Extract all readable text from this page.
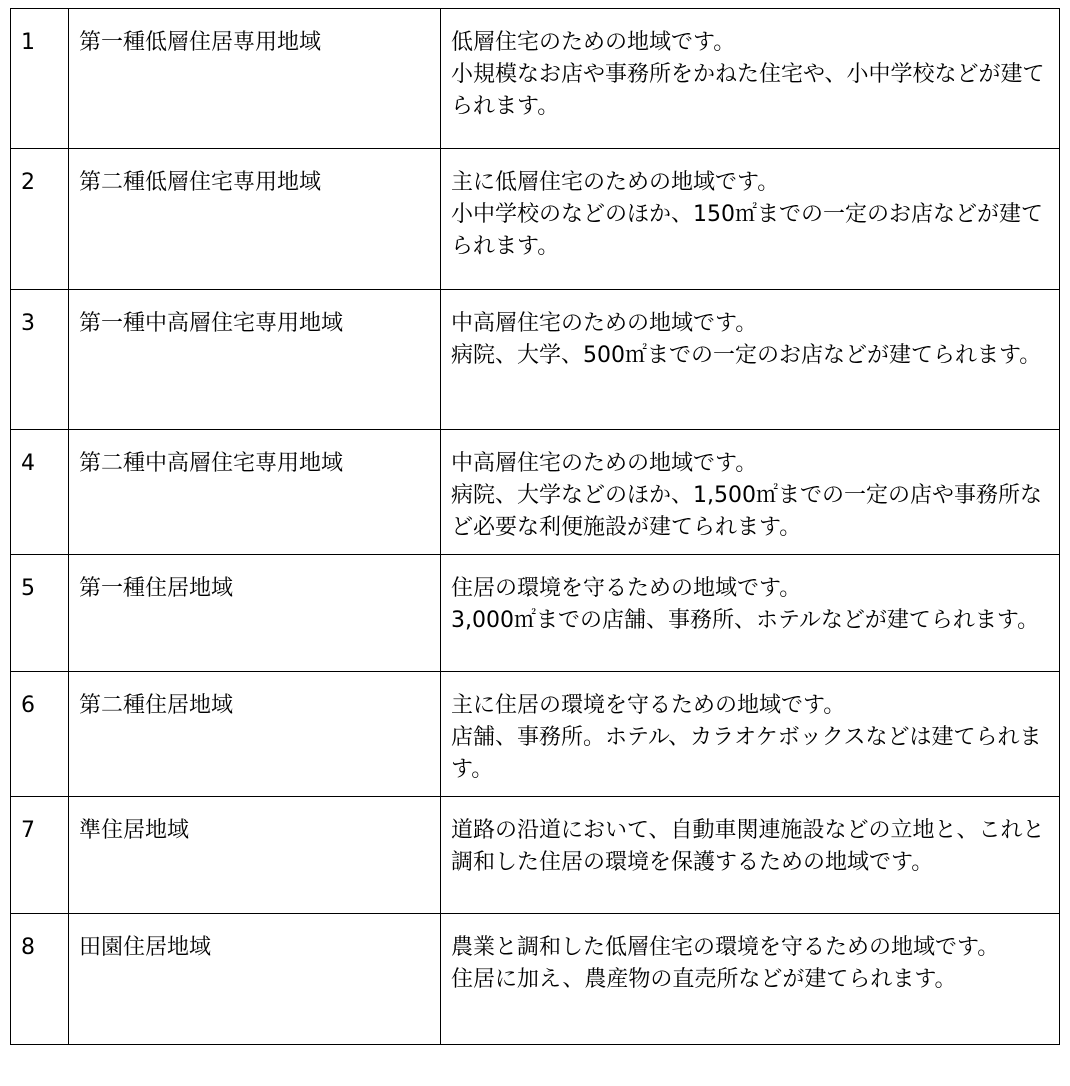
1	第一種低層住居専用地域	低層住宅のための地域です。
小規模なお店や事務所をかねた住宅や、小中学校などが建てられます。

2	第二種低層住宅専用地域	主に低層住宅のための地域です。
小中学校のなどのほか、150㎡までの一定のお店などが建てられます。

3	第一種中高層住宅専用地域	中高層住宅のための地域です。
病院、大学、500㎡までの一定のお店などが建てられます。

4	第二種中高層住宅専用地域	中高層住宅のための地域です。
病院、大学などのほか、1,500㎡までの一定の店や事務所など必要な利便施設が建てられます。

5	第一種住居地域	住居の環境を守るための地域です。
3,000㎡までの店舗、事務所、ホテルなどが建てられます。

6	第二種住居地域	主に住居の環境を守るための地域です。
店舗、事務所。ホテル、カラオケボックスなどは建てられます。

7	準住居地域	道路の沿道において、自動車関連施設などの立地と、これと調和した住居の環境を保護するための地域です。

8	田園住居地域	農業と調和した低層住宅の環境を守るための地域です。
住居に加え、農産物の直売所などが建てられます。
